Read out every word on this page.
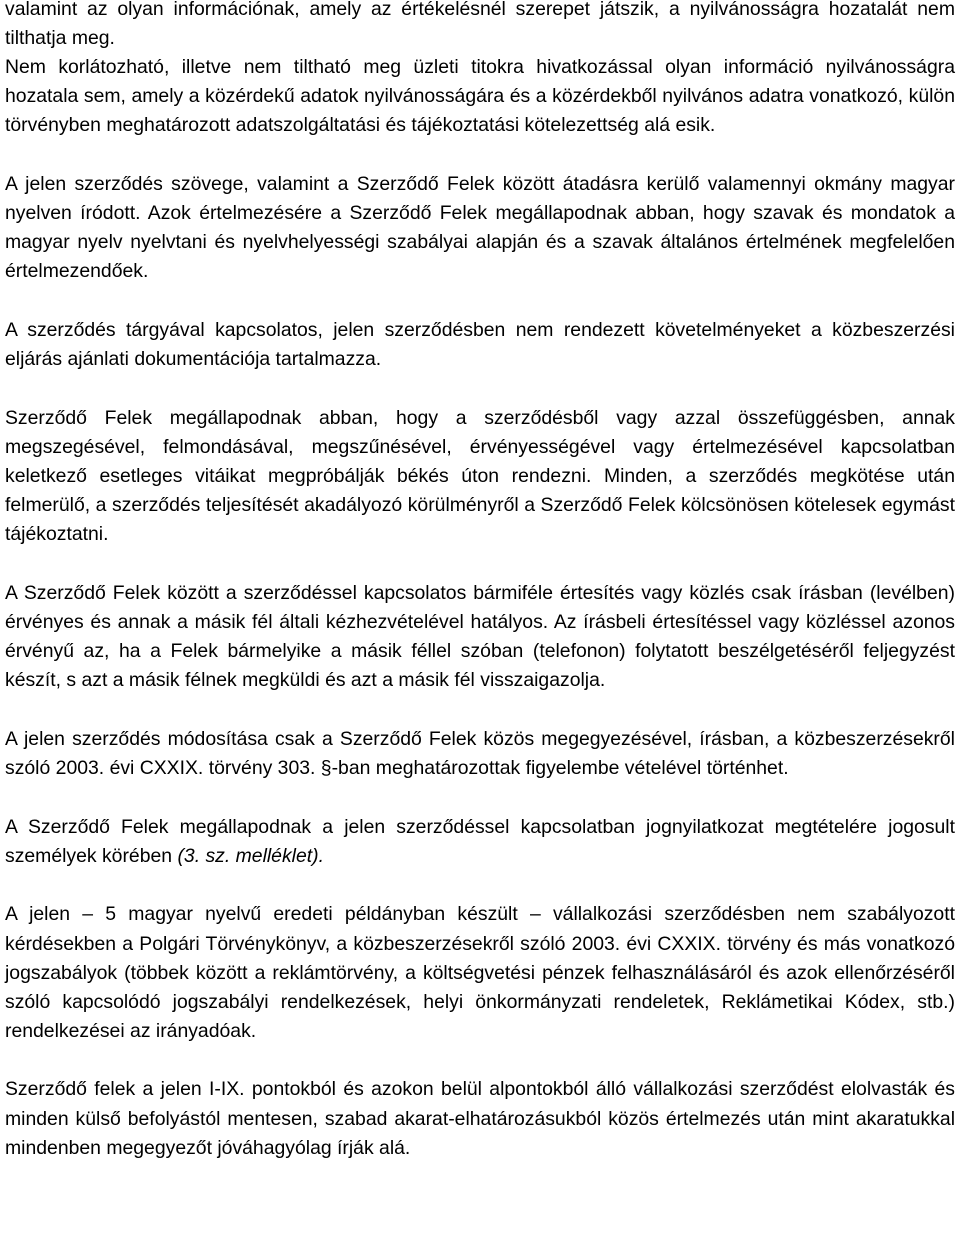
valamint az olyan információnak, amely az értékelésnél szerepet játszik, a nyilvánosságra hozatalát nem tilthatja meg.
Nem korlátozható, illetve nem tiltható meg üzleti titokra hivatkozással olyan információ nyilvánosságra hozatala sem, amely a közérdekű adatok nyilvánosságára és a közérdekből nyilvános adatra vonatkozó, külön törvényben meghatározott adatszolgáltatási és tájékoztatási kötelezettség alá esik.

A jelen szerződés szövege, valamint a Szerződő Felek között átadásra kerülő valamennyi okmány magyar nyelven íródott. Azok értelmezésére a Szerződő Felek megállapodnak abban, hogy szavak és mondatok a magyar nyelv nyelvtani és nyelvhelyességi szabályai alapján és a szavak általános értelmének megfelelően értelmezendőek.

A szerződés tárgyával kapcsolatos, jelen szerződésben nem rendezett követelményeket a közbeszerzési eljárás ajánlati dokumentációja tartalmazza.

Szerződő Felek megállapodnak abban, hogy a szerződésből vagy azzal összefüggésben, annak megszegésével, felmondásával, megszűnésével, érvényességével vagy értelmezésével kapcsolatban keletkező esetleges vitáikat megpróbálják békés úton rendezni. Minden, a szerződés megkötése után felmerülő, a szerződés teljesítését akadályozó körülményről a Szerződő Felek kölcsönösen kötelesek egymást tájékoztatni.

A Szerződő Felek között a szerződéssel kapcsolatos bármiféle értesítés vagy közlés csak írásban (levélben) érvényes és annak a másik fél általi kézhezvételével hatályos. Az írásbeli értesítéssel vagy közléssel azonos érvényű az, ha a Felek bármelyike a másik féllel szóban (telefonon) folytatott beszélgetéséről feljegyzést készít, s azt a másik félnek megküldi és azt a másik fél visszaigazolja.

A jelen szerződés módosítása csak a Szerződő Felek közös megegyezésével, írásban, a közbeszerzésekről szóló 2003. évi CXXIX. törvény 303. §-ban meghatározottak figyelembe vételével történhet.

A Szerződő Felek megállapodnak a jelen szerződéssel kapcsolatban jognyilatkozat megtételére jogosult személyek körében (3. sz. melléklet).

A jelen – 5 magyar nyelvű eredeti példányban készült – vállalkozási szerződésben nem szabályozott kérdésekben a Polgári Törvénykönyv, a közbeszerzésekről szóló 2003. évi CXXIX. törvény és más vonatkozó jogszabályok (többek között a reklámtörvény, a költségvetési pénzek felhasználásáról és azok ellenőrzéséről szóló kapcsolódó jogszabályi rendelkezések, helyi önkormányzati rendeletek, Reklámetikai Kódex, stb.) rendelkezései az irányadóak.

Szerződő felek a jelen I-IX. pontokból és azokon belül alpontokból álló vállalkozási szerződést elolvasták és minden külső befolyástól mentesen, szabad akarat-elhatározásukból közös értelmezés után mint akaratukkal mindenben megegyezőt jóváhagyólag írják alá.
